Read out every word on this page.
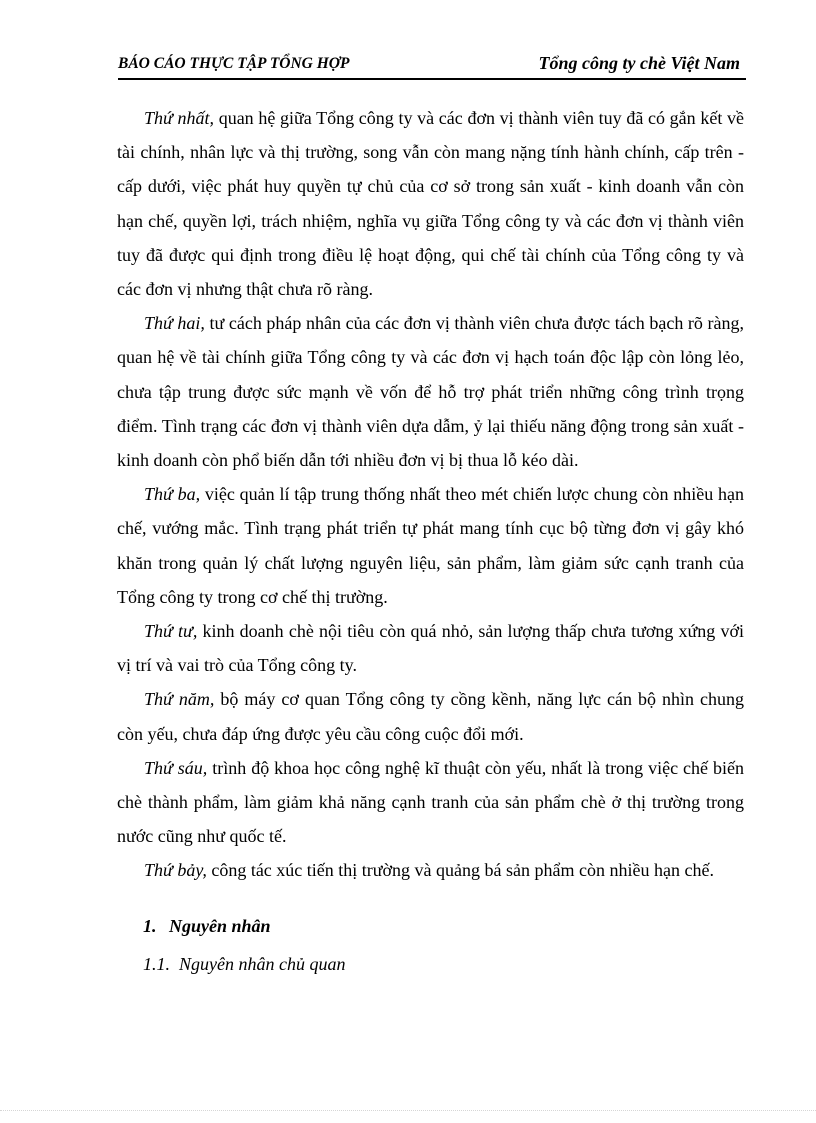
BÁO CÁO THỰC TẬP TỔNG HỢP	Tổng công ty chè Việt Nam

Thứ nhất, quan hệ giữa Tổng công ty và các đơn vị thành viên tuy đã có gắn kết về tài chính, nhân lực và thị trường, song vẫn còn mang nặng tính hành chính, cấp trên - cấp dưới, việc phát huy quyền tự chủ của cơ sở trong sản xuất - kinh doanh vẫn còn hạn chế, quyền lợi, trách nhiệm, nghĩa vụ giữa Tổng công ty và các đơn vị thành viên tuy đã được qui định trong điều lệ hoạt động, qui chế tài chính của Tổng công ty và các đơn vị nhưng thật chưa rõ ràng.

Thứ hai, tư cách pháp nhân của các đơn vị thành viên chưa được tách bạch rõ ràng, quan hệ về tài chính giữa Tổng công ty và các đơn vị hạch toán độc lập còn lỏng lẻo, chưa tập trung được sức mạnh về vốn để hỗ trợ phát triển những công trình trọng điểm. Tình trạng các đơn vị thành viên dựa dẫm, ỷ lại thiếu năng động trong sản xuất - kinh doanh còn phổ biến dẫn tới nhiều đơn vị bị thua lỗ kéo dài.

Thứ ba, việc quản lí tập trung thống nhất theo mét chiến lược chung còn nhiều hạn chế, vướng mắc. Tình trạng phát triển tự phát mang tính cục bộ từng đơn vị gây khó khăn trong quản lý chất lượng nguyên liệu, sản phẩm, làm giảm sức cạnh tranh của Tổng công ty trong cơ chế thị trường.

Thứ tư, kinh doanh chè nội tiêu còn quá nhỏ, sản lượng thấp chưa tương xứng với vị trí và vai trò của Tổng công ty.

Thứ năm, bộ máy cơ quan Tổng công ty cồng kềnh, năng lực cán bộ nhìn chung còn yếu, chưa đáp ứng được yêu cầu công cuộc đổi mới.

Thứ sáu, trình độ khoa học công nghệ kĩ thuật còn yếu, nhất là trong việc chế biến chè thành phẩm, làm giảm khả năng cạnh tranh của sản phẩm chè ở thị trường trong nước cũng như quốc tế.

Thứ bảy, công tác xúc tiến thị trường và quảng bá sản phẩm còn nhiều hạn chế.

1. Nguyên nhân
1.1. Nguyên nhân chủ quan
